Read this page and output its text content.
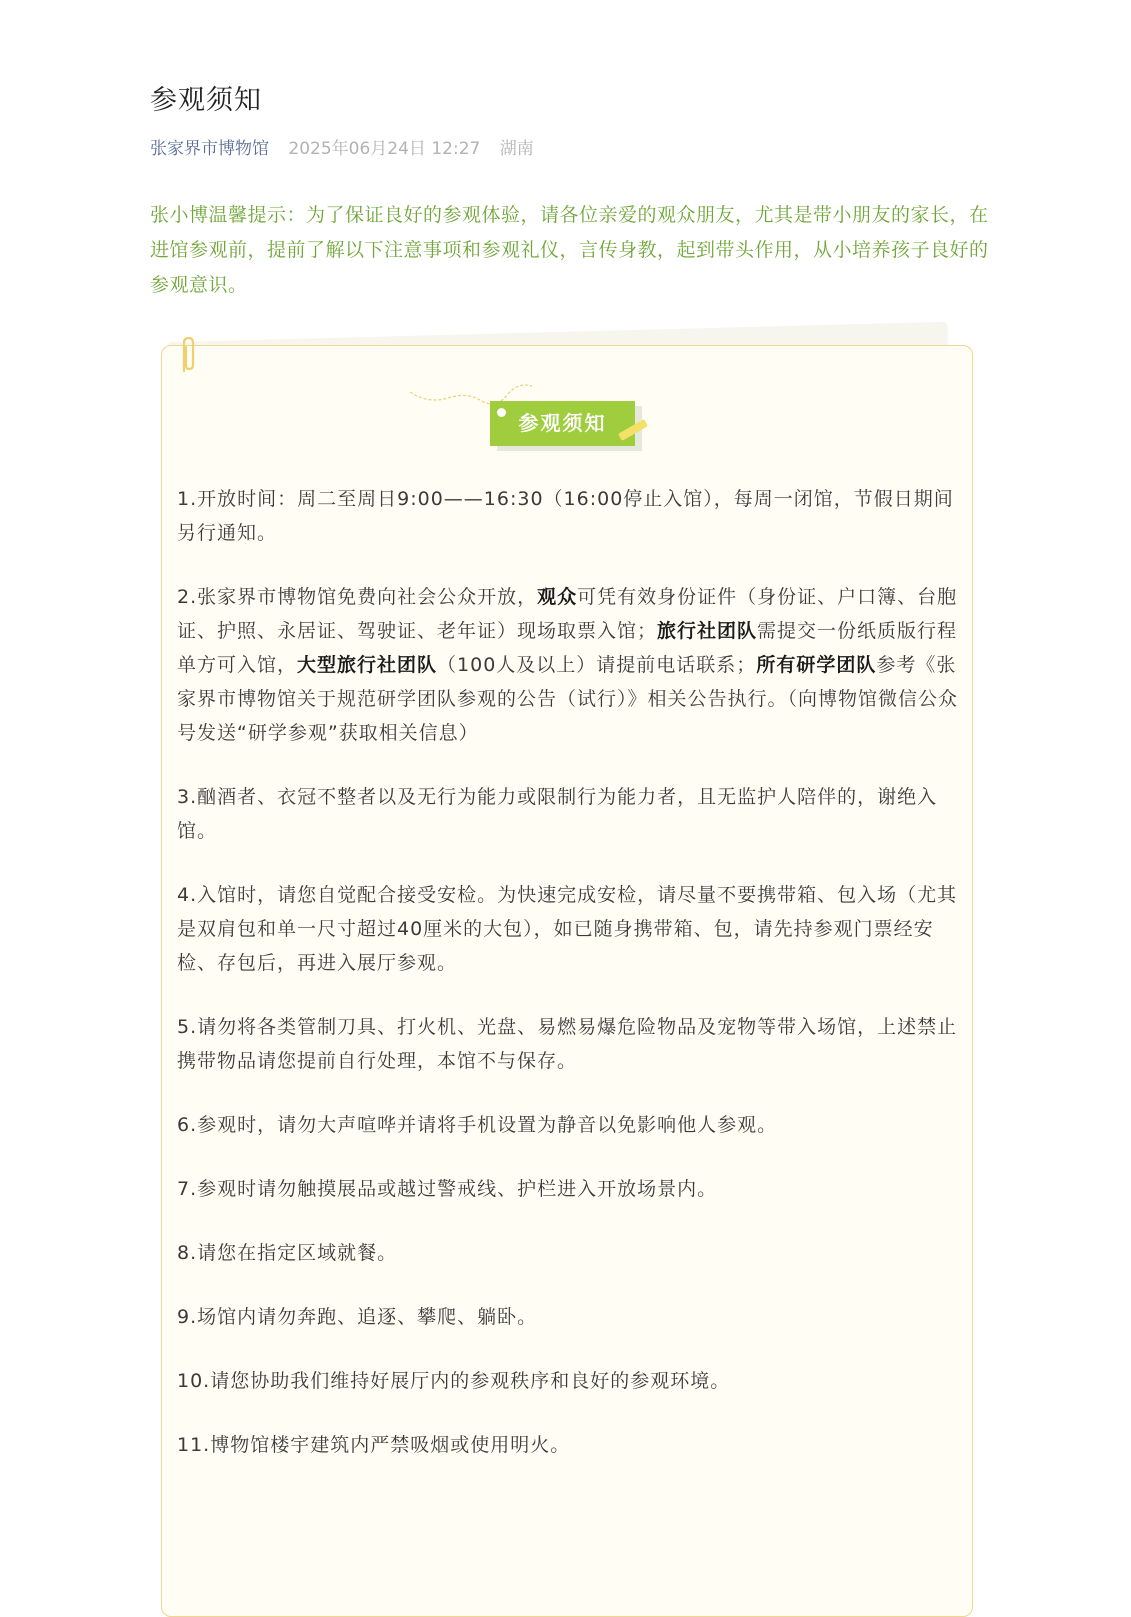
参观须知
张家界市博物馆 2025年06月24日 12:27 湖南

张小博温馨提示：为了保证良好的参观体验，请各位亲爱的观众朋友，尤其是带小朋友的家长，在进馆参观前，提前了解以下注意事项和参观礼仪，言传身教，起到带头作用，从小培养孩子良好的参观意识。

参观须知
1.开放时间：周二至周日9:00——16:30（16:00停止入馆），每周一闭馆，节假日期间另行通知。
2.张家界市博物馆免费向社会公众开放，观众可凭有效身份证件（身份证、户口簿、台胞证、护照、永居证、驾驶证、老年证）现场取票入馆；旅行社团队需提交一份纸质版行程单方可入馆，大型旅行社团队（100人及以上）请提前电话联系；所有研学团队参考《张家界市博物馆关于规范研学团队参观的公告（试行）》相关公告执行。（向博物馆微信公众号发送“研学参观”获取相关信息）
3.酗酒者、衣冠不整者以及无行为能力或限制行为能力者，且无监护人陪伴的，谢绝入馆。
4.入馆时，请您自觉配合接受安检。为快速完成安检，请尽量不要携带箱、包入场（尤其是双肩包和单一尺寸超过40厘米的大包），如已随身携带箱、包，请先持参观门票经安检、存包后，再进入展厅参观。
5.请勿将各类管制刀具、打火机、光盘、易燃易爆危险物品及宠物等带入场馆，上述禁止携带物品请您提前自行处理，本馆不与保存。
6.参观时，请勿大声喧哗并请将手机设置为静音以免影响他人参观。
7.参观时请勿触摸展品或越过警戒线、护栏进入开放场景内。
8.请您在指定区域就餐。
9.场馆内请勿奔跑、追逐、攀爬、躺卧。
10.请您协助我们维持好展厅内的参观秩序和良好的参观环境。
11.博物馆楼宇建筑内严禁吸烟或使用明火。
